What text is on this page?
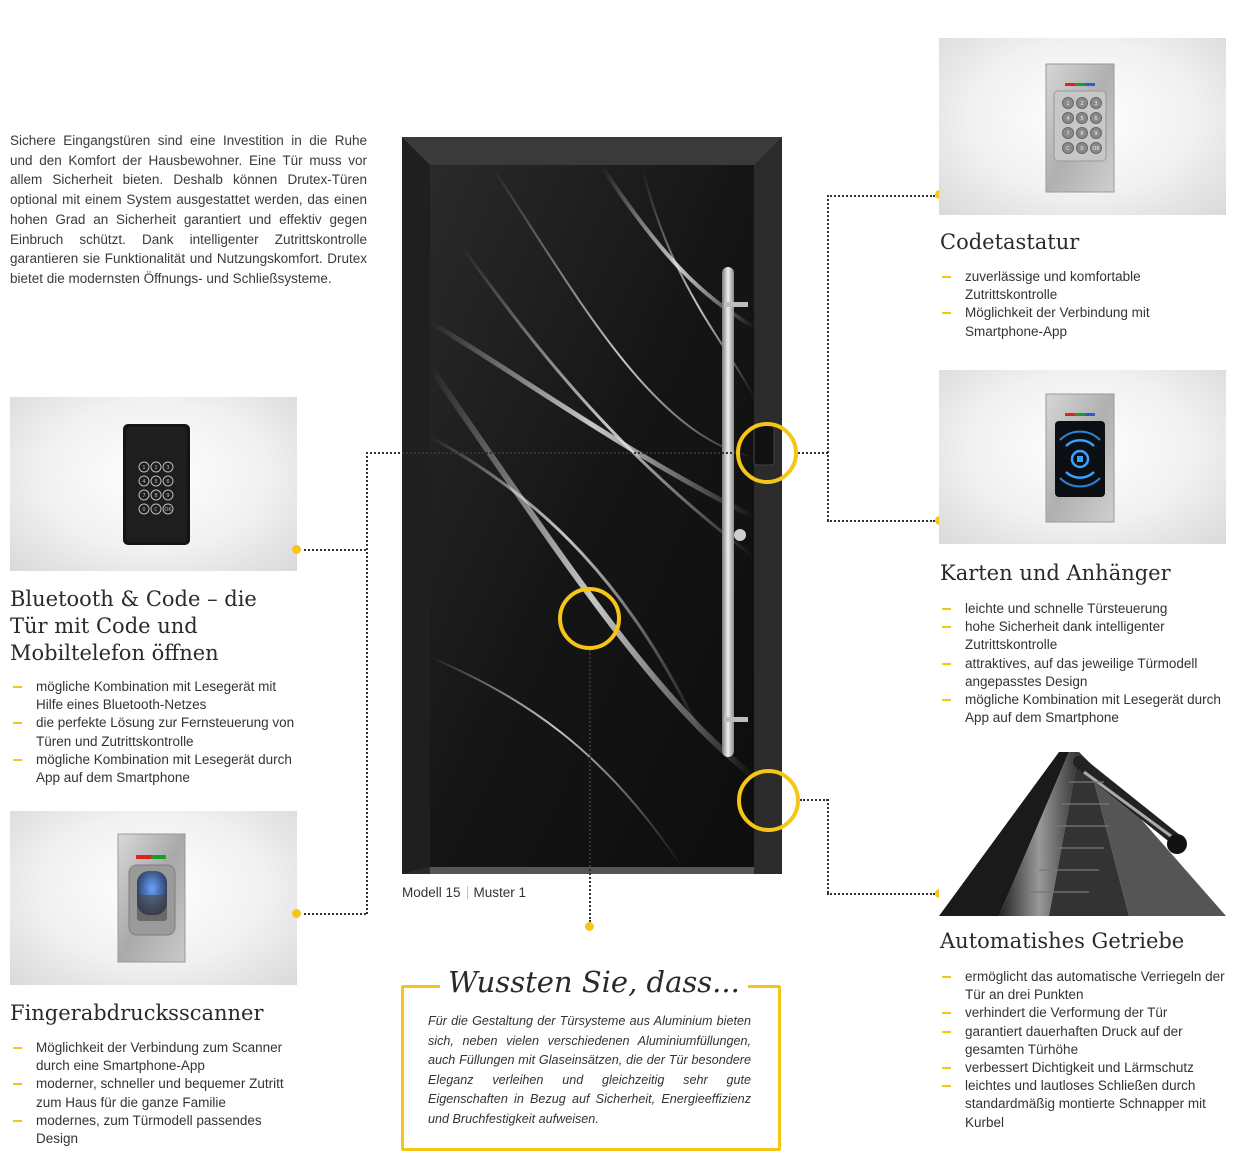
Sichere Eingangstüren sind eine Investition in die Ruhe und den Komfort der Hausbewohner. Eine Tür muss vor allem Sicherheit bieten. Deshalb können Drutex-Türen optional mit einem System ausgestattet werden, das einen hohen Grad an Sicherheit garantiert und effektiv gegen Einbruch schützt. Dank intelligenter Zutrittskontrolle garantieren sie Funktionalität und Nutzungskomfort. Drutex bietet die modernsten Öffnungs- und Schließsysteme.
1 2 3
4 5 6
7 8 9
0 C OK
Bluetooth & Code – die Tür mit Code und Mobiltelefon öffnen
mögliche Kombination mit Lesegerät mit Hilfe eines Bluetooth-Netzes
die perfekte Lösung zur Fernsteuerung von Türen und Zutrittskontrolle
mögliche Kombination mit Lesegerät durch App auf dem Smartphone
Fingerabdrucksscanner
Möglichkeit der Verbindung zum Scanner durch eine Smartphone-App
moderner, schneller und bequemer Zutritt zum Haus für die ganze Familie
modernes, zum Türmodell passendes Design
Modell 15 Muster 1
1 2 3
4 5 6
7 8 9
C 0 OK
Codetastatur
zuverlässige und komfortable Zutrittskontrolle
Möglichkeit der Verbindung mit Smartphone-App
Karten und Anhänger
leichte und schnelle Türsteuerung
hohe Sicherheit dank intelligenter Zutrittskontrolle
attraktives, auf das jeweilige Türmodell angepasstes Design
mögliche Kombination mit Lesegerät durch App auf dem Smartphone
Automatishes Getriebe
ermöglicht das automatische Verriegeln der Tür an drei Punkten
verhindert die Verformung der Tür
garantiert dauerhaften Druck auf der gesamten Türhöhe
verbessert Dichtigkeit und Lärmschutz
leichtes und lautloses Schließen durch standardmäßig montierte Schnapper mit Kurbel
Wussten Sie, dass...
Für die Gestaltung der Türsysteme aus Aluminium bieten sich, neben vielen verschiedenen Aluminiumfüllungen, auch Füllungen mit Glaseinsätzen, die der Tür besondere Eleganz verleihen und gleichzeitig sehr gute Eigenschaften in Bezug auf Sicherheit, Energieeffizienz und Bruchfestigkeit aufweisen.
